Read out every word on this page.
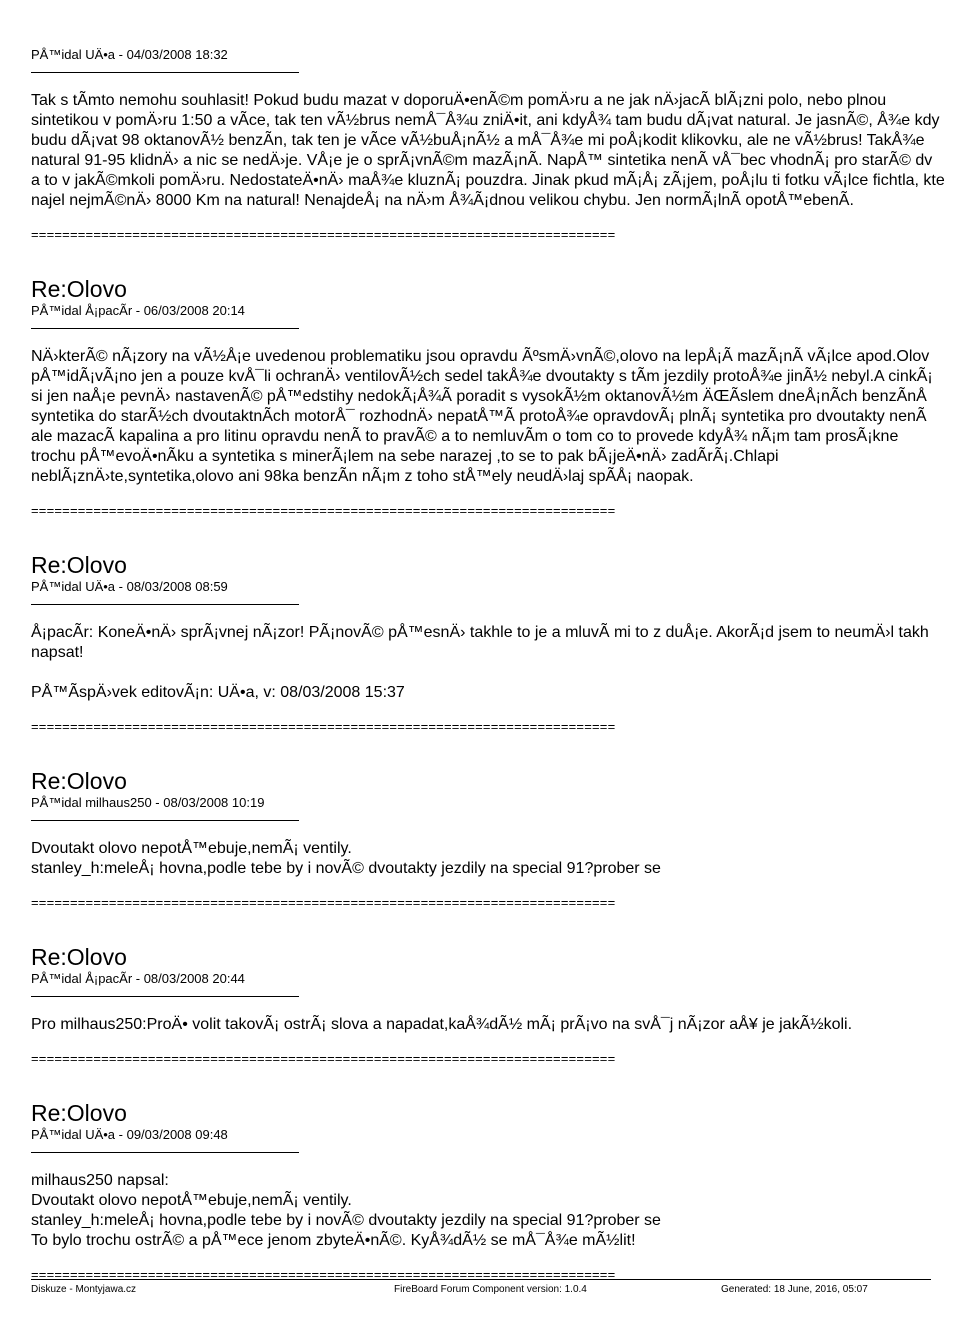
PÅ™idal UÄ•a - 04/03/2008 18:32
Tak s tÃmto nemohu souhlasit! Pokud budu mazat v doporuÄ•enÃ©m pomÄ›ru a ne jak nÄ›jacÃ blÃ¡zni polo, nebo plnou
sintetikou v pomÄ›ru 1:50 a vÃce, tak ten vÃ½brus nemÅ¯Å¾u zniÄ•it, ani kdyÅ¾ tam budu dÃ¡vat natural. Je jasnÃ©, Å¾e kdy
budu dÃ¡vat 98 oktanovÃ½ benzÃn, tak ten je vÃce vÃ½buÅ¡nÃ½ a mÅ¯Å¾e mi poÅ¡kodit klikovku, ale ne vÃ½brus! TakÅ¾e
natural 91-95 klidnÄ› a nic se nedÄ›je. VÅ¡e je o sprÃ¡vnÃ©m mazÃ¡nÃ. NapÅ™ sintetika nenÃ vÅ¯bec vhodnÃ¡ pro starÃ© dv
a to v jakÃ©mkoli pomÄ›ru. NedostateÄ•nÄ› maÅ¾e kluznÃ¡ pouzdra. Jinak pkud mÃ¡Å¡ zÃ¡jem, poÅ¡lu ti fotku vÃ¡lce fichtla, kte
najel nejmÃ©nÄ› 8000 Km na natural! NenajdeÅ¡ na nÄ›m Å¾Ã¡dnou velikou chybu. Jen normÃ¡lnÃ opotÅ™ebenÃ.
===========================================================================
Re:Olovo
PÅ™idal Å¡pacÃr - 06/03/2008 20:14
NÄ›kterÃ© nÃ¡zory na vÃ½Å¡e uvedenou problematiku jsou opravdu ÃºsmÄ›vnÃ©,olovo na lepÅ¡Ã mazÃ¡nÃ vÃ¡lce apod.Olov
pÅ™idÃ¡vÃ¡no jen a pouze kvÅ¯li ochranÄ› ventilovÃ½ch sedel takÅ¾e dvoutakty s tÃm jezdily protoÅ¾e jinÃ½ nebyl.A cinkÃ¡
si jen naÅ¡e pevnÄ› nastavenÃ© pÅ™edstihy nedokÃ¡Å¾Ã poradit s vysokÃ½m oktanovÃ½m ÄŒÃslem dneÅ¡nÃch benzÃnÅ
syntetika do starÃ½ch dvoutaktnÃch motorÅ¯ rozhodnÄ› nepatÅ™Ã protoÅ¾e opravdovÃ¡ plnÃ¡ syntetika pro dvoutakty nenÃ
ale mazacÃ kapalina a pro litinu opravdu nenÃ to pravÃ© a to nemluvÃm o tom co to provede kdyÅ¾ nÃ¡m tam prosÃ¡kne
trochu pÅ™evoÄ•nÃku a syntetika s minerÃ¡lem na sebe narazej ,to se to pak bÃ¡jeÄ•nÄ› zadÃrÃ¡.Chlapi
neblÃ¡znÄ›te,syntetika,olovo ani 98ka benzÃn nÃ¡m z toho stÅ™ely neudÄ›laj spÃÅ¡ naopak.
===========================================================================
Re:Olovo
PÅ™idal UÄ•a - 08/03/2008 08:59
Å¡pacÃr: KoneÄ•nÄ› sprÃ¡vnej nÃ¡zor! PÃ¡novÃ© pÅ™esnÄ› takhle to je a mluvÃ mi to z duÅ¡e. AkorÃ¡d jsem to neumÄ›l takh
napsat!
PÅ™ÃspÄ›vek editovÃ¡n: UÄ•a, v: 08/03/2008 15:37
===========================================================================
Re:Olovo
PÅ™idal milhaus250 - 08/03/2008 10:19
Dvoutakt olovo nepotÅ™ebuje,nemÃ¡ ventily.
stanley_h:meleÅ¡ hovna,podle tebe by i novÃ© dvoutakty jezdily na special 91?prober se
===========================================================================
Re:Olovo
PÅ™idal Å¡pacÃr - 08/03/2008 20:44
Pro milhaus250:ProÄ• volit takovÃ¡ ostrÃ¡ slova a napadat,kaÅ¾dÃ½ mÃ¡ prÃ¡vo na svÅ¯j nÃ¡zor aÅ¥ je jakÃ½koli.
===========================================================================
Re:Olovo
PÅ™idal UÄ•a - 09/03/2008 09:48
milhaus250 napsal:
Dvoutakt olovo nepotÅ™ebuje,nemÃ¡ ventily.
stanley_h:meleÅ¡ hovna,podle tebe by i novÃ© dvoutakty jezdily na special 91?prober se
To bylo trochu ostrÃ© a pÅ™ece jenom zbyteÄ•nÃ©. KyÅ¾dÃ½ se mÅ¯Å¾e mÃ½lit!
===========================================================================
Diskuze - Montyjawa.cz	FireBoard Forum Component version: 1.0.4	Generated: 18 June, 2016, 05:07
